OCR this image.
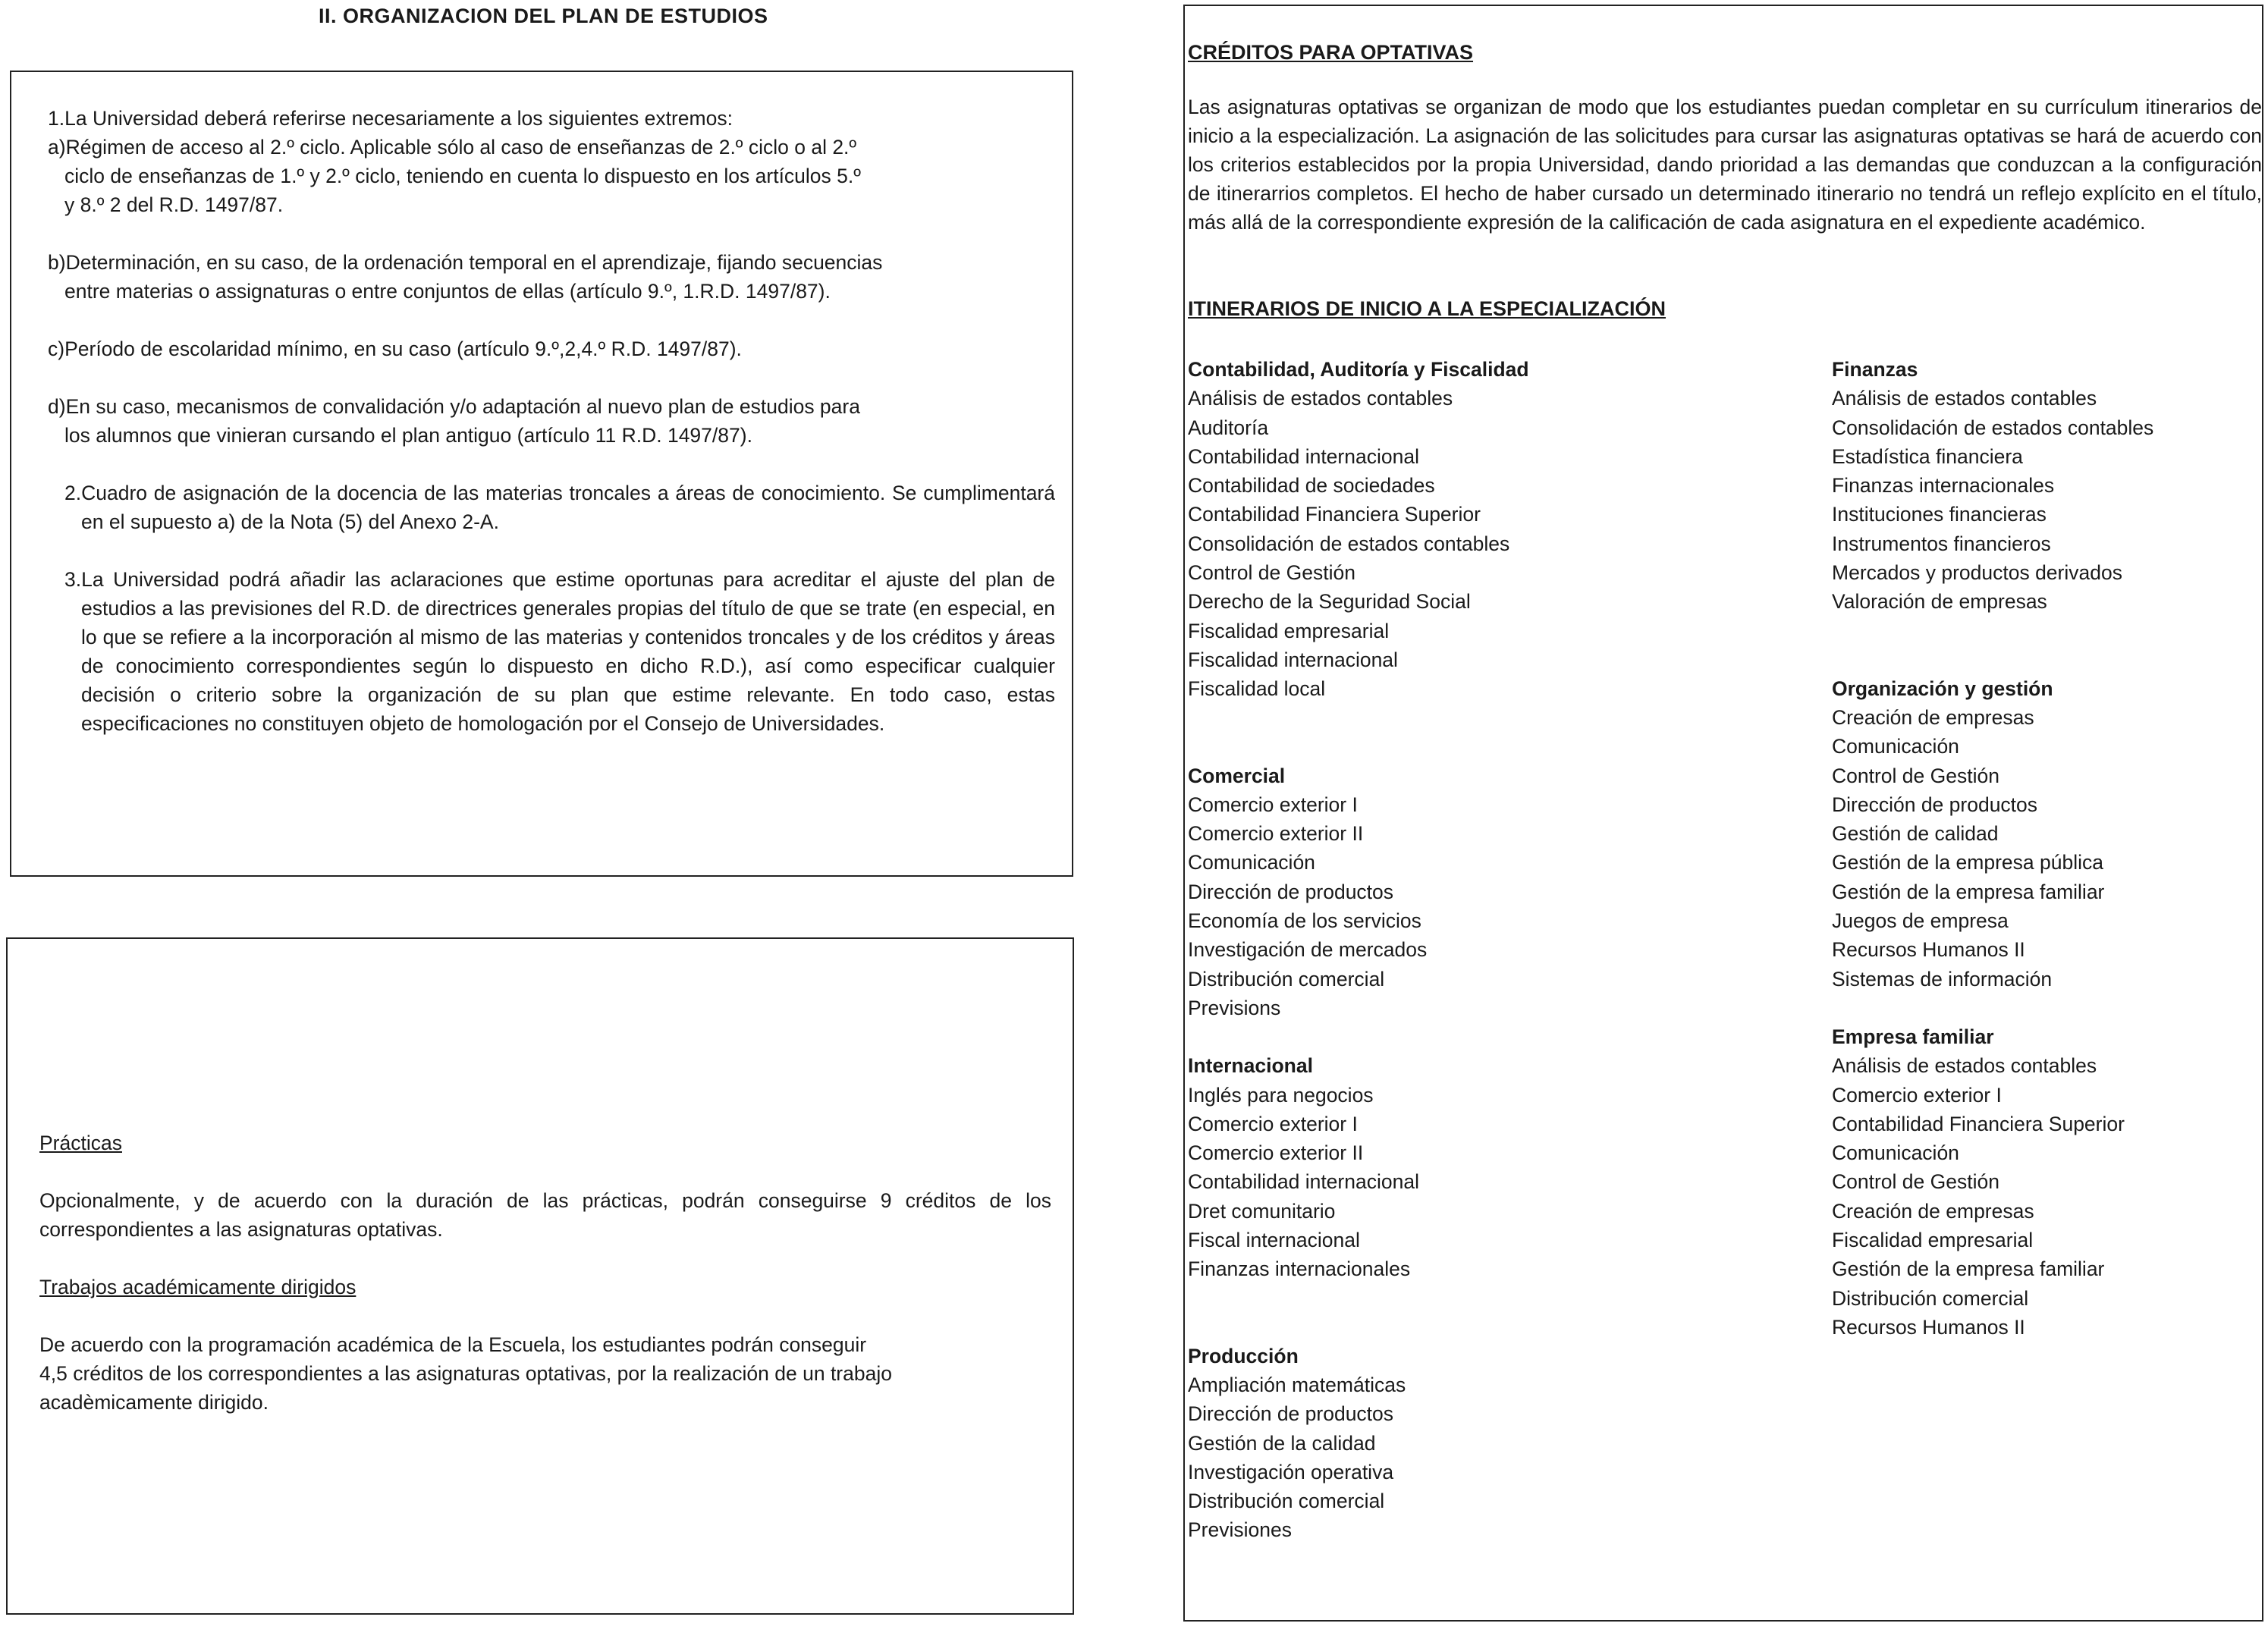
II. ORGANIZACION DEL PLAN DE ESTUDIOS
1.La Universidad deberá referirse necesariamente a los siguientes extremos:
a)Régimen de acceso al 2.º ciclo. Aplicable sólo al caso de enseñanzas de 2.º ciclo o al 2.º
ciclo de enseñanzas de 1.º y 2.º ciclo, teniendo en cuenta lo dispuesto en los artículos 5.º
y 8.º 2 del R.D. 1497/87.
b)Determinación, en su caso, de la ordenación temporal en el aprendizaje, fijando secuencias
entre materias o assignaturas o entre conjuntos de ellas (artículo 9.º, 1.R.D. 1497/87).
c)Período de escolaridad mínimo, en su caso (artículo 9.º,2,4.º R.D. 1497/87).
d)En su caso, mecanismos de convalidación y/o adaptación al nuevo plan de estudios para
los alumnos que vinieran cursando el plan antiguo (artículo 11 R.D. 1497/87).
2.Cuadro de asignación de la docencia de las materias troncales a áreas de conocimiento. Se cumplimentará en el supuesto a) de la Nota (5) del Anexo 2-A.
3.La Universidad podrá añadir las aclaraciones que estime oportunas para acreditar el ajuste del plan de estudios a las previsiones del R.D. de directrices generales propias del título de que se trate (en especial, en lo que se refiere a la incorporación al mismo de las materias y contenidos troncales y de los créditos y áreas de conocimiento correspondientes según lo dispuesto en dicho R.D.), así como especificar cualquier decisión o criterio sobre la organización de su plan que estime relevante. En todo caso, estas especificaciones no constituyen objeto de homologación por el Consejo de Universidades.
Prácticas
Opcionalmente, y de acuerdo con la duración de las prácticas, podrán conseguirse 9 créditos de los correspondientes a las asignaturas optativas.
Trabajos académicamente dirigidos
De acuerdo con la programación académica de la Escuela, los estudiantes podrán conseguir
4,5 créditos de los correspondientes a las asignaturas optativas, por la realización de un trabajo
acadèmicamente dirigido.
CRÉDITOS PARA OPTATIVAS
Las asignaturas optativas se organizan de modo que los estudiantes puedan completar en su currículum itinerarios de inicio a la especialización. La asignación de las solicitudes para cursar las asignaturas optativas se hará de acuerdo con los criterios establecidos por la propia Universidad, dando prioridad a las demandas que conduzcan a la configuración de itinerarrios completos. El hecho de haber cursado un determinado itinerario no tendrá un reflejo explícito en el título, más allá de la correspondiente expresión de la calificación de cada asignatura en el expediente académico.
ITINERARIOS DE INICIO A LA ESPECIALIZACIÓN
Contabilidad, Auditoría y Fiscalidad
Análisis de estados contables
Auditoría
Contabilidad internacional
Contabilidad de sociedades
Contabilidad Financiera Superior
Consolidación de estados contables
Control de Gestión
Derecho de la Seguridad Social
Fiscalidad empresarial
Fiscalidad internacional
Fiscalidad local
Comercial
Comercio exterior I
Comercio exterior II
Comunicación
Dirección de productos
Economía de los servicios
Investigación de mercados
Distribución comercial
Previsions
Internacional
Inglés para negocios
Comercio exterior I
Comercio exterior II
Contabilidad internacional
Dret comunitario
Fiscal internacional
Finanzas internacionales
Producción
Ampliación matemáticas
Dirección de productos
Gestión de la calidad
Investigación operativa
Distribución comercial
Previsiones
Finanzas
Análisis de estados contables
Consolidación de estados contables
Estadística financiera
Finanzas internacionales
Instituciones financieras
Instrumentos financieros
Mercados y productos derivados
Valoración de empresas
Organización y gestión
Creación de empresas
Comunicación
Control de Gestión
Dirección de productos
Gestión de calidad
Gestión de la empresa pública
Gestión de la empresa familiar
Juegos de empresa
Recursos Humanos II
Sistemas de información
Empresa familiar
Análisis de estados contables
Comercio exterior I
Contabilidad Financiera Superior
Comunicación
Control de Gestión
Creación de empresas
Fiscalidad empresarial
Gestión de la empresa familiar
Distribución comercial
Recursos Humanos II
